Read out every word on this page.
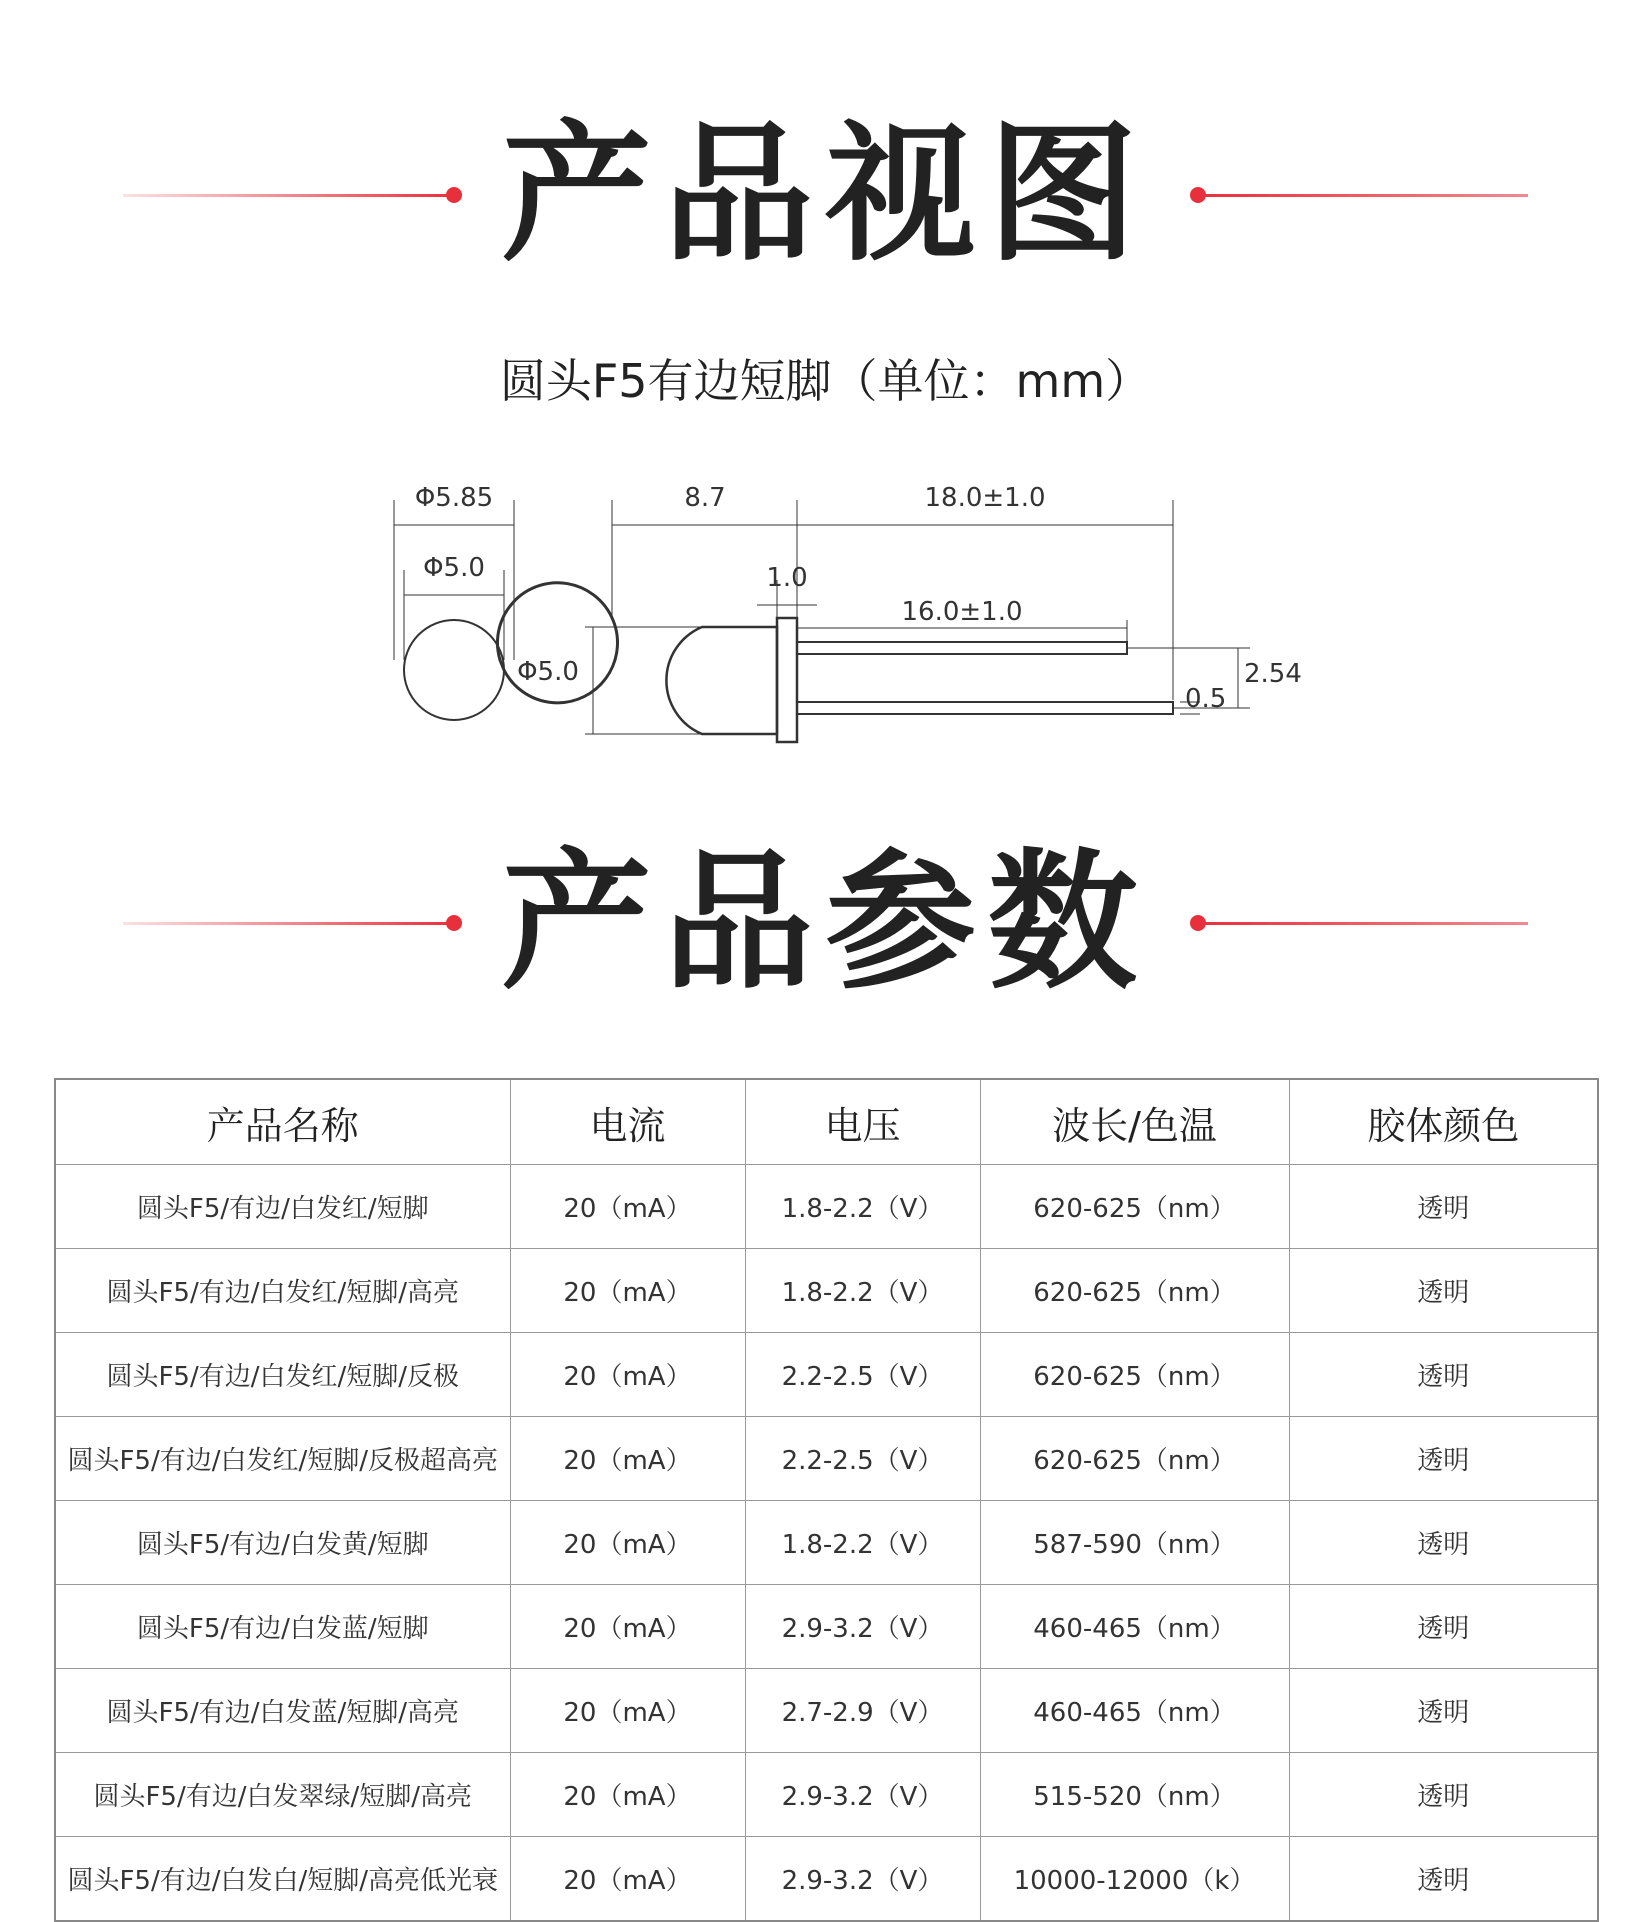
产品视图
圆头F5有边短脚（单位：mm）
Φ5.85
Φ5.0
8.7	18.0±1.0
1.0
16.0±1.0
Φ5.0	2.54
0.5
产品参数
产品名称	电流	电压	波长/色温	胶体颜色
圆头F5/有边/白发红/短脚	20（mA）	1.8-2.2（V）	620-625（nm）	透明
圆头F5/有边/白发红/短脚/高亮	20（mA）	1.8-2.2（V）	620-625（nm）	透明
圆头F5/有边/白发红/短脚/反极	20（mA）	2.2-2.5（V）	620-625（nm）	透明
圆头F5/有边/白发红/短脚/反极超高亮	20（mA）	2.2-2.5（V）	620-625（nm）	透明
圆头F5/有边/白发黄/短脚	20（mA）	1.8-2.2（V）	587-590（nm）	透明
圆头F5/有边/白发蓝/短脚	20（mA）	2.9-3.2（V）	460-465（nm）	透明
圆头F5/有边/白发蓝/短脚/高亮	20（mA）	2.7-2.9（V）	460-465（nm）	透明
圆头F5/有边/白发翠绿/短脚/高亮	20（mA）	2.9-3.2（V）	515-520（nm）	透明
圆头F5/有边/白发白/短脚/高亮低光衰	20（mA）	2.9-3.2（V）	10000-12000（k）	透明
